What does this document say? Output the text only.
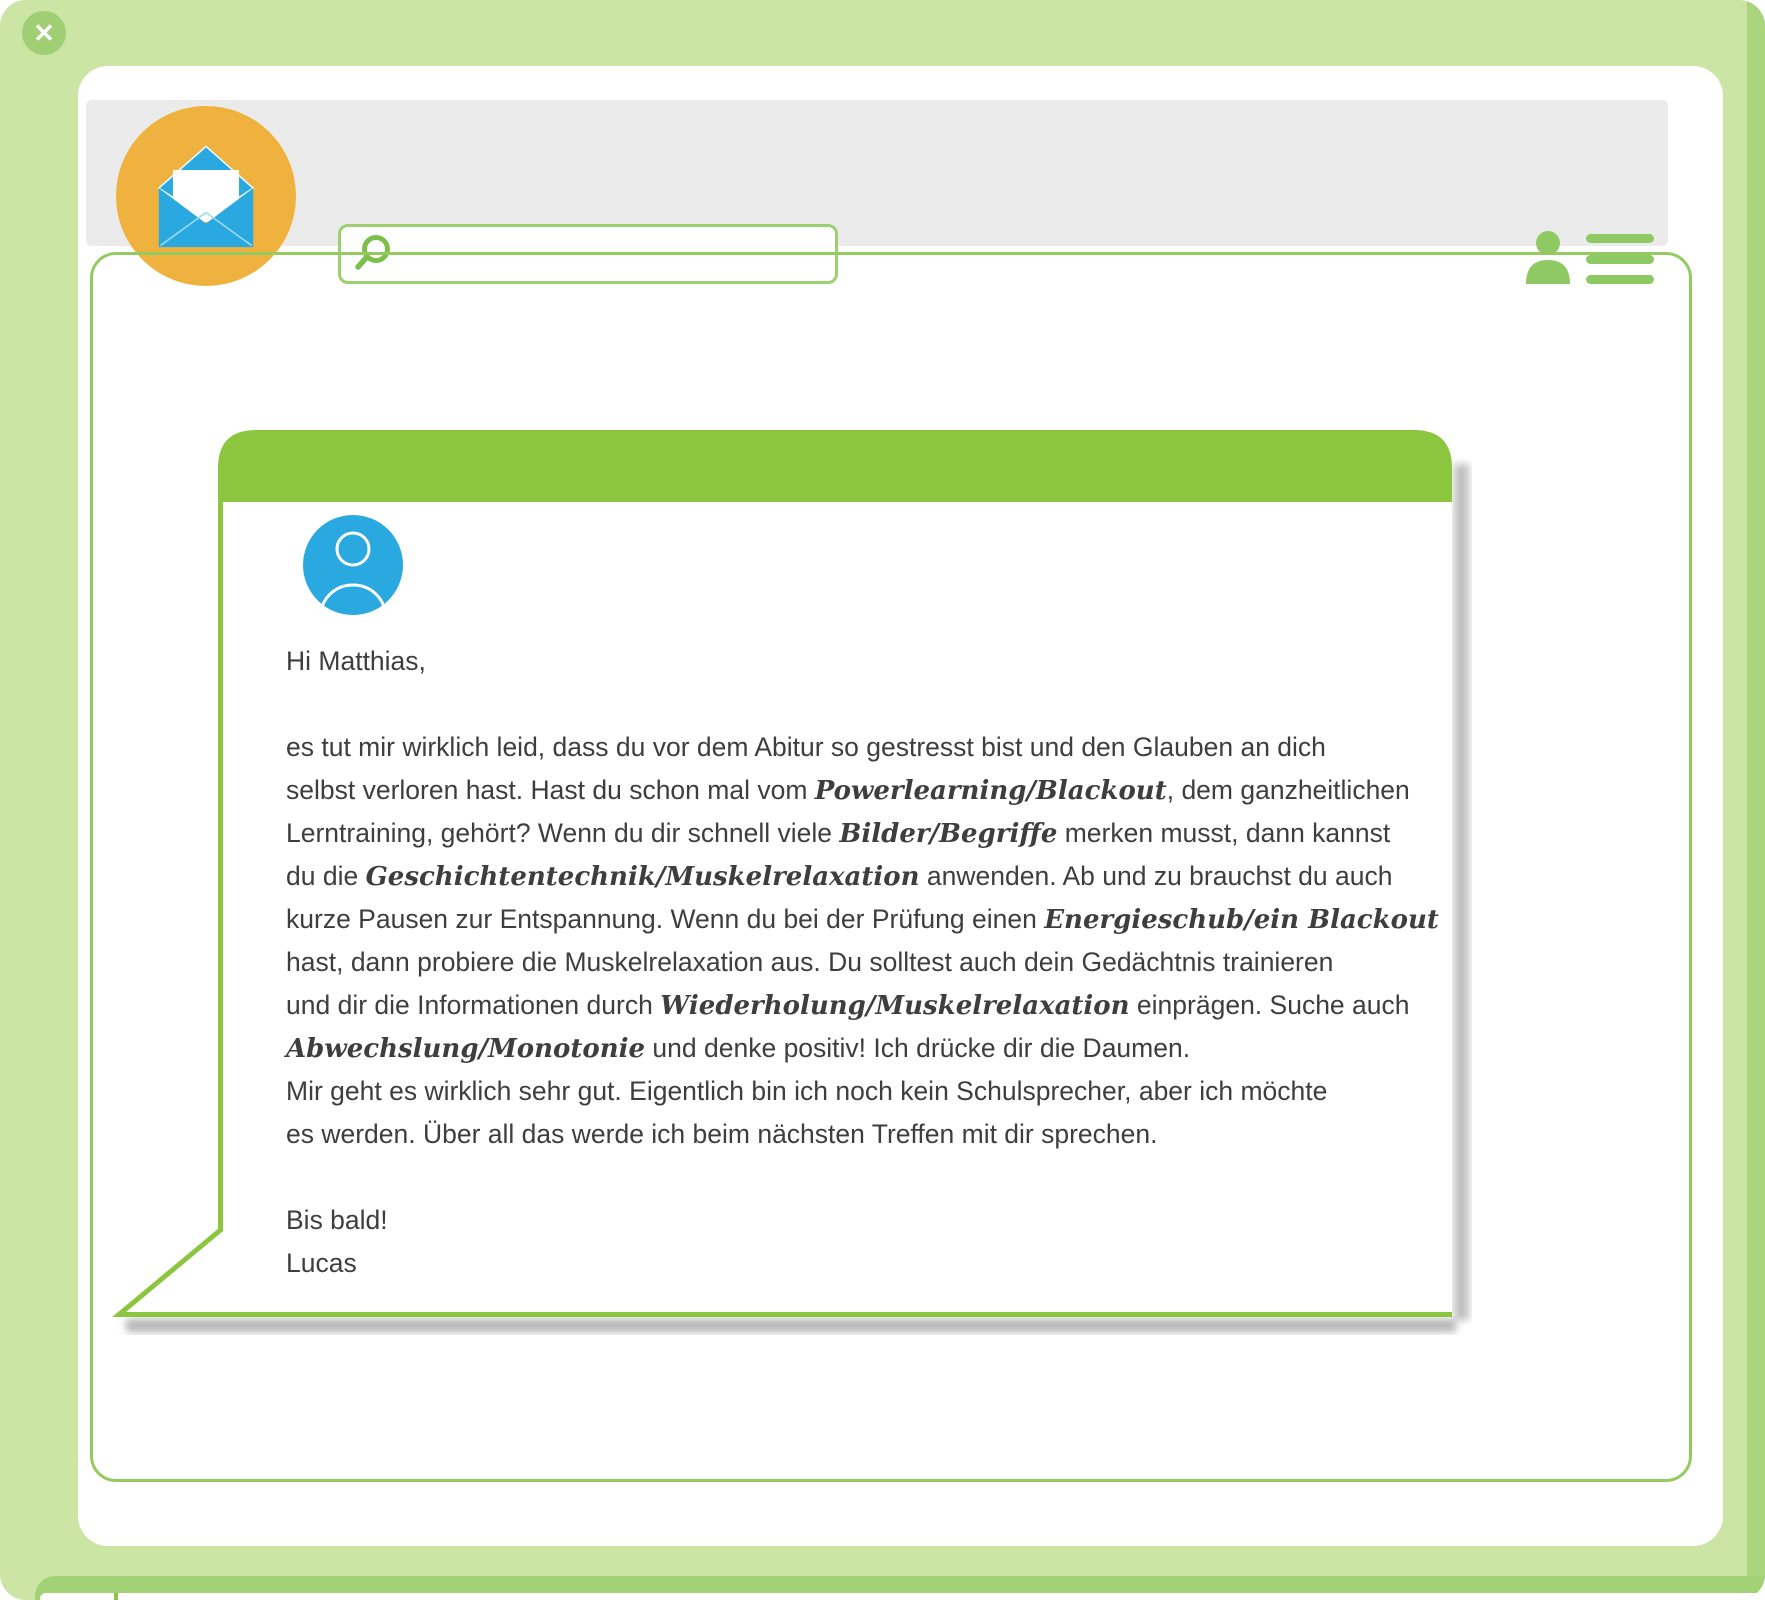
✕
Hi Matthias,
es tut mir wirklich leid, dass du vor dem Abitur so gestresst bist und den Glauben an dich
selbst verloren hast. Hast du schon mal vom Powerlearning/Blackout, dem ganzheitlichen
Lerntraining, gehört? Wenn du dir schnell viele Bilder/Begriffe merken musst, dann kannst
du die Geschichtentechnik/Muskelrelaxation anwenden. Ab und zu brauchst du auch
kurze Pausen zur Entspannung. Wenn du bei der Prüfung einen Energieschub/ein Blackout
hast, dann probiere die Muskelrelaxation aus. Du solltest auch dein Gedächtnis trainieren
und dir die Informationen durch Wiederholung/Muskelrelaxation einprägen. Suche auch
Abwechslung/Monotonie und denke positiv! Ich drücke dir die Daumen.
Mir geht es wirklich sehr gut. Eigentlich bin ich noch kein Schulsprecher, aber ich möchte
es werden. Über all das werde ich beim nächsten Treffen mit dir sprechen.
Bis bald!
Lucas
